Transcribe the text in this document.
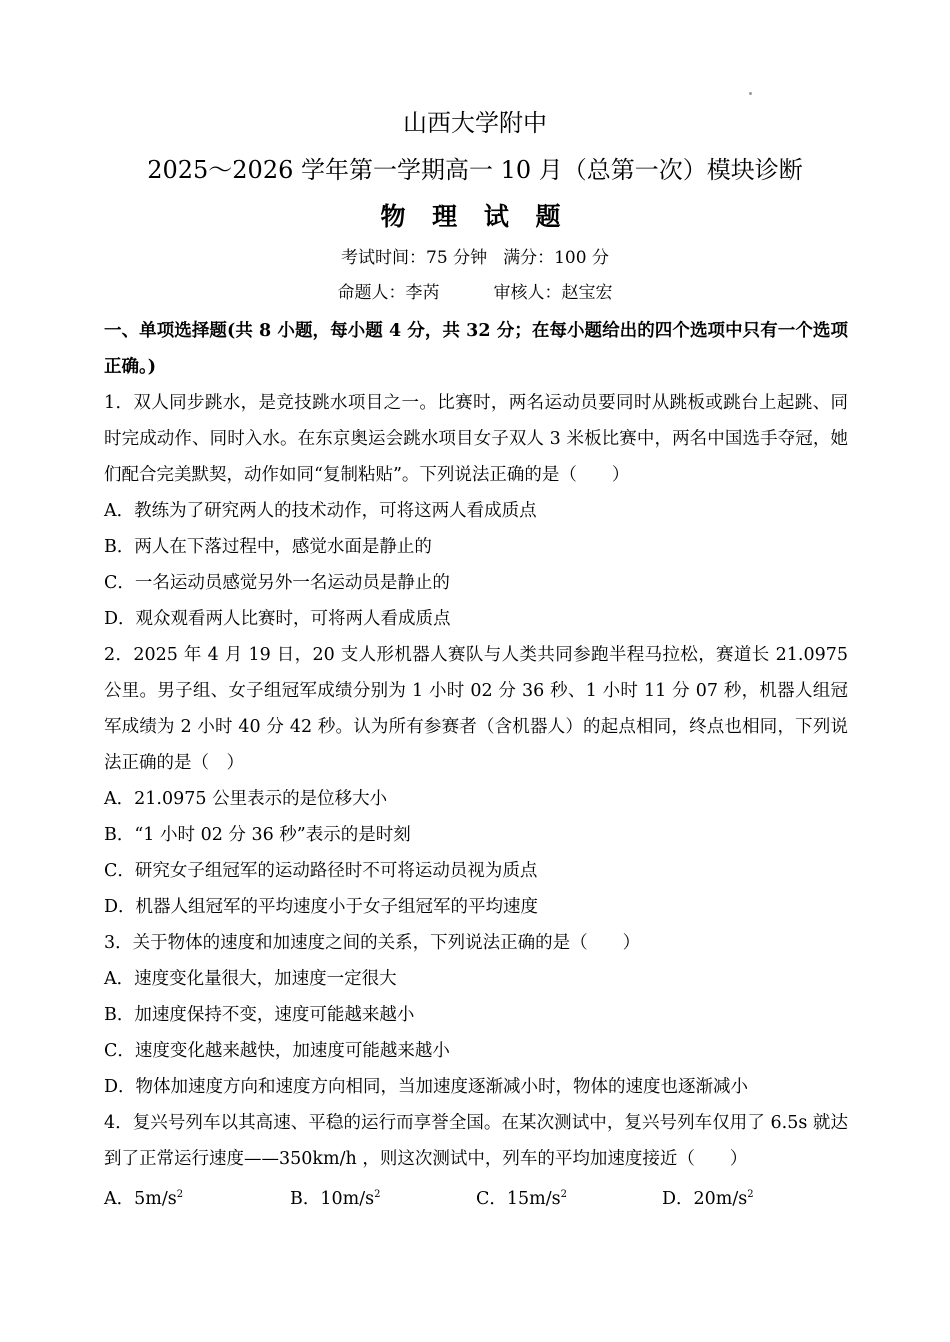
山西大学附中
2025～2026 学年第一学期高一 10 月（总第一次）模块诊断
物 理 试 题
考试时间：75 分钟 满分：100 分
命题人：李芮	审核人：赵宝宏
一、单项选择题(共 8 小题，每小题 4 分，共 32 分；在每小题给出的四个选项中只有一个选项正确。)
1．双人同步跳水，是竞技跳水项目之一。比赛时，两名运动员要同时从跳板或跳台上起跳、同时完成动作、同时入水。在东京奥运会跳水项目女子双人 3 米板比赛中，两名中国选手夺冠，她们配合完美默契，动作如同“复制粘贴”。下列说法正确的是（　　）
A．教练为了研究两人的技术动作，可将这两人看成质点
B．两人在下落过程中，感觉水面是静止的
C．一名运动员感觉另外一名运动员是静止的
D．观众观看两人比赛时，可将两人看成质点
2．2025 年 4 月 19 日，20 支人形机器人赛队与人类共同参跑半程马拉松，赛道长 21.0975 公里。男子组、女子组冠军成绩分别为 1 小时 02 分 36 秒、1 小时 11 分 07 秒，机器人组冠军成绩为 2 小时 40 分 42 秒。认为所有参赛者（含机器人）的起点相同，终点也相同，下列说法正确的是（　）
A．21.0975 公里表示的是位移大小
B．“1 小时 02 分 36 秒”表示的是时刻
C．研究女子组冠军的运动路径时不可将运动员视为质点
D．机器人组冠军的平均速度小于女子组冠军的平均速度
3．关于物体的速度和加速度之间的关系，下列说法正确的是（　　）
A．速度变化量很大，加速度一定很大
B．加速度保持不变，速度可能越来越小
C．速度变化越来越快，加速度可能越来越小
D．物体加速度方向和速度方向相同，当加速度逐渐减小时，物体的速度也逐渐减小
4．复兴号列车以其高速、平稳的运行而享誉全国。在某次测试中，复兴号列车仅用了 6.5s 就达到了正常运行速度——350km/h ，则这次测试中，列车的平均加速度接近（　　）
A．$5m/s^2$	B．$10m/s^2$	C．$15m/s^2$	D．$20m/s^2$
